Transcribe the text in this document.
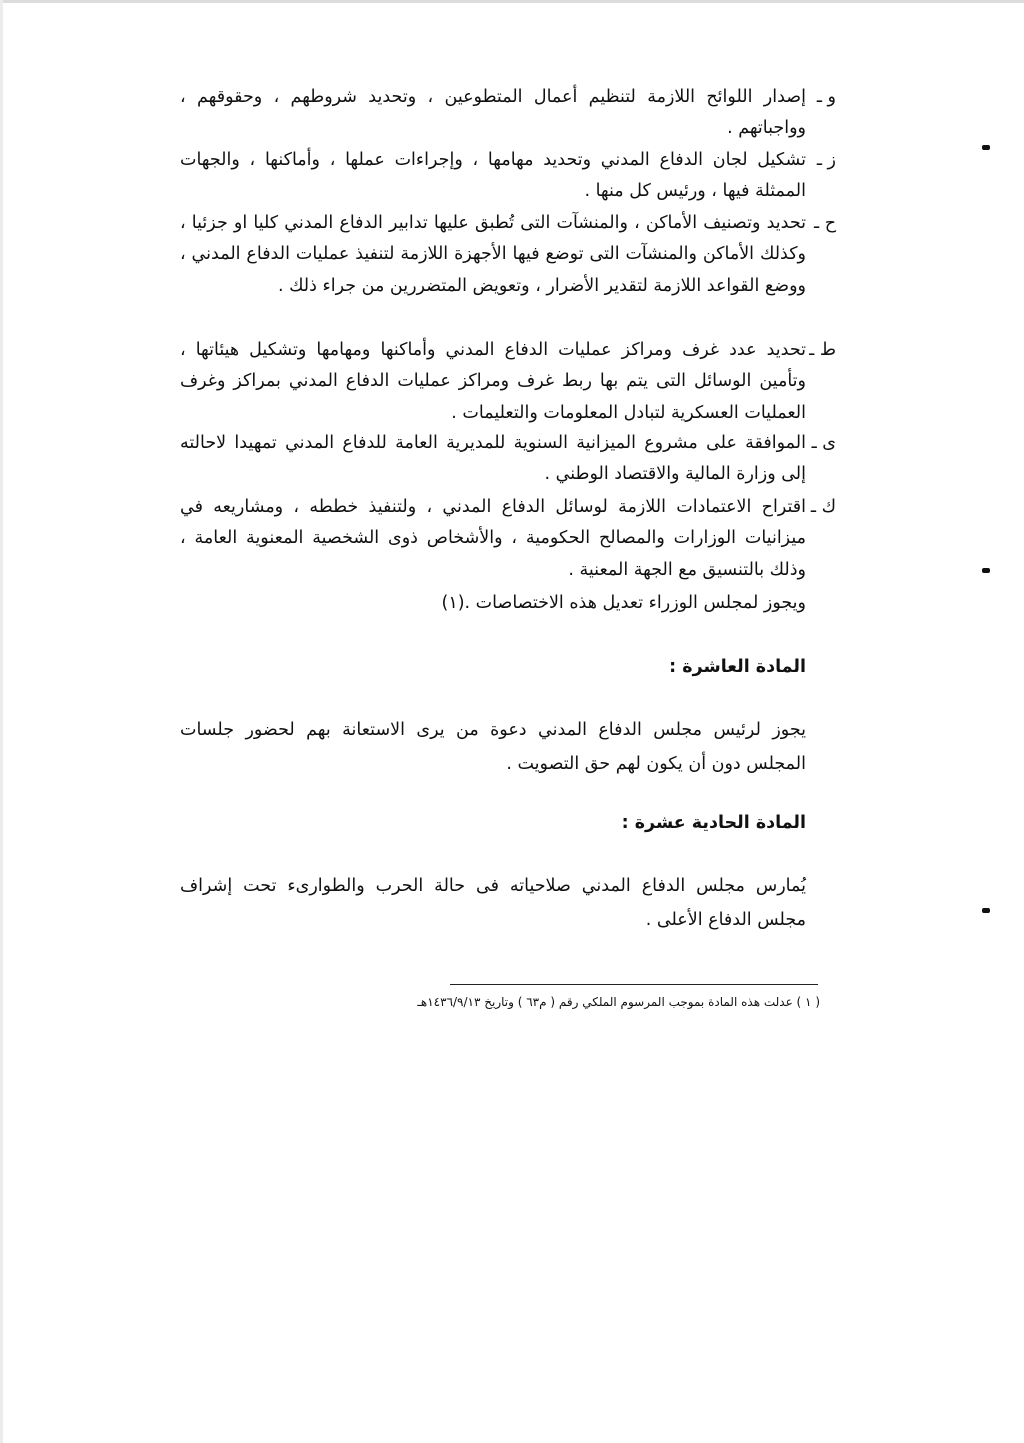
و ـ
إصدار اللوائح اللازمة لتنظيم أعمال المتطوعين ، وتحديد شروطهم ، وحقوقهم ، وواجباتهم .
ز ـ
تشكيل لجان الدفاع المدني وتحديد مهامها ، وإجراءات عملها ، وأماكنها ، والجهات الممثلة فيها ، ورئيس كل منها .
ح ـ
تحديد وتصنيف الأماكن ، والمنشآت التى تُطبق عليها تدابير الدفاع المدني كليا او جزئيا ، وكذلك الأماكن والمنشآت التى توضع فيها الأجهزة اللازمة لتنفيذ عمليات الدفاع المدني ، ووضع القواعد اللازمة لتقدير الأضرار ، وتعويض المتضررين من جراء ذلك .
ط ـ
تحديد عدد غرف ومراكز عمليات الدفاع المدني وأماكنها ومهامها وتشكيل هيئاتها ، وتأمين الوسائل التى يتم بها ربط غرف ومراكز عمليات الدفاع المدني بمراكز وغرف العمليات العسكرية لتبادل المعلومات والتعليمات .
ى ـ
الموافقة على مشروع الميزانية السنوية للمديرية العامة للدفاع المدني تمهيدا لاحالته إلى وزارة المالية والاقتصاد الوطني .
ك ـ
اقتراح الاعتمادات اللازمة لوسائل الدفاع المدني ، ولتنفيذ خططه ، ومشاريعه في ميزانيات الوزارات والمصالح الحكومية ، والأشخاص ذوى الشخصية المعنوية العامة ، وذلك بالتنسيق مع الجهة المعنية .
ويجوز لمجلس الوزراء تعديل هذه الاختصاصات .(١)
المادة العاشرة :
يجوز لرئيس مجلس الدفاع المدني دعوة من يرى الاستعانة بهم لحضور جلسات المجلس دون أن يكون لهم حق التصويت .
المادة الحادية عشرة :
يُمارس مجلس الدفاع المدني صلاحياته فى حالة الحرب والطوارىء تحت إشراف مجلس الدفاع الأعلى .
( ١ ) عدلت هذه المادة بموجب المرسوم الملكي رقم ( م٦٣ ) وتاريخ ١٤٣٦/٩/١٣هـ
